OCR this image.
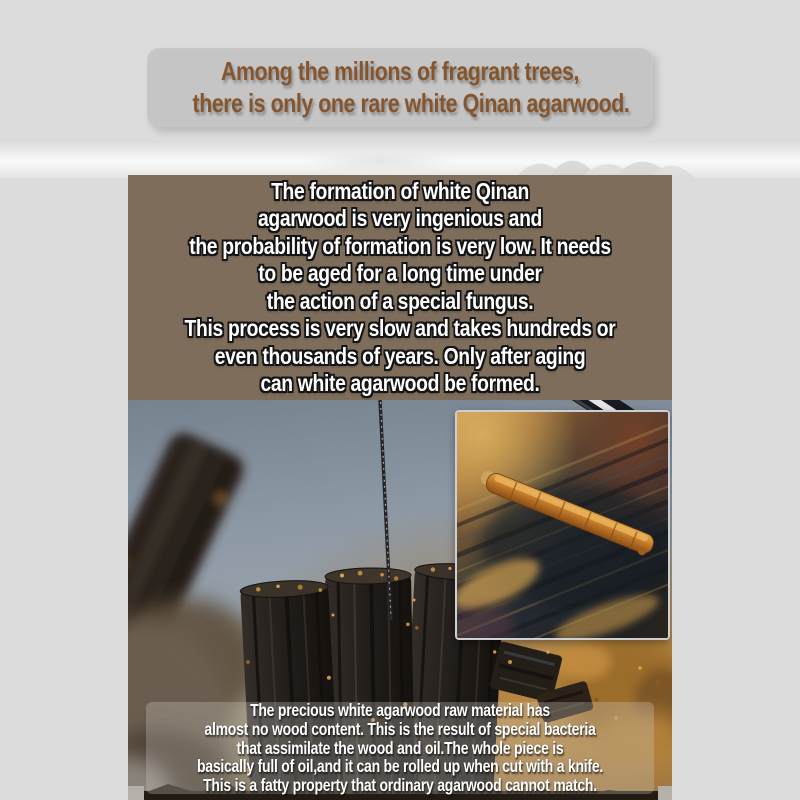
Among the millions of fragrant trees,
there is only one rare white Qinan agarwood.
The formation of white Qinan
agarwood is very ingenious and
the probability of formation is very low. It needs
to be aged for a long time under
the action of a special fungus.
This process is very slow and takes hundreds or
even thousands of years. Only after aging
can white agarwood be formed.
The precious white agarwood raw material has
almost no wood content. This is the result of special bacteria
that assimilate the wood and oil.The whole piece is
basically full of oil,and it can be rolled up when cut with a knife.
This is a fatty property that ordinary agarwood cannot match.
